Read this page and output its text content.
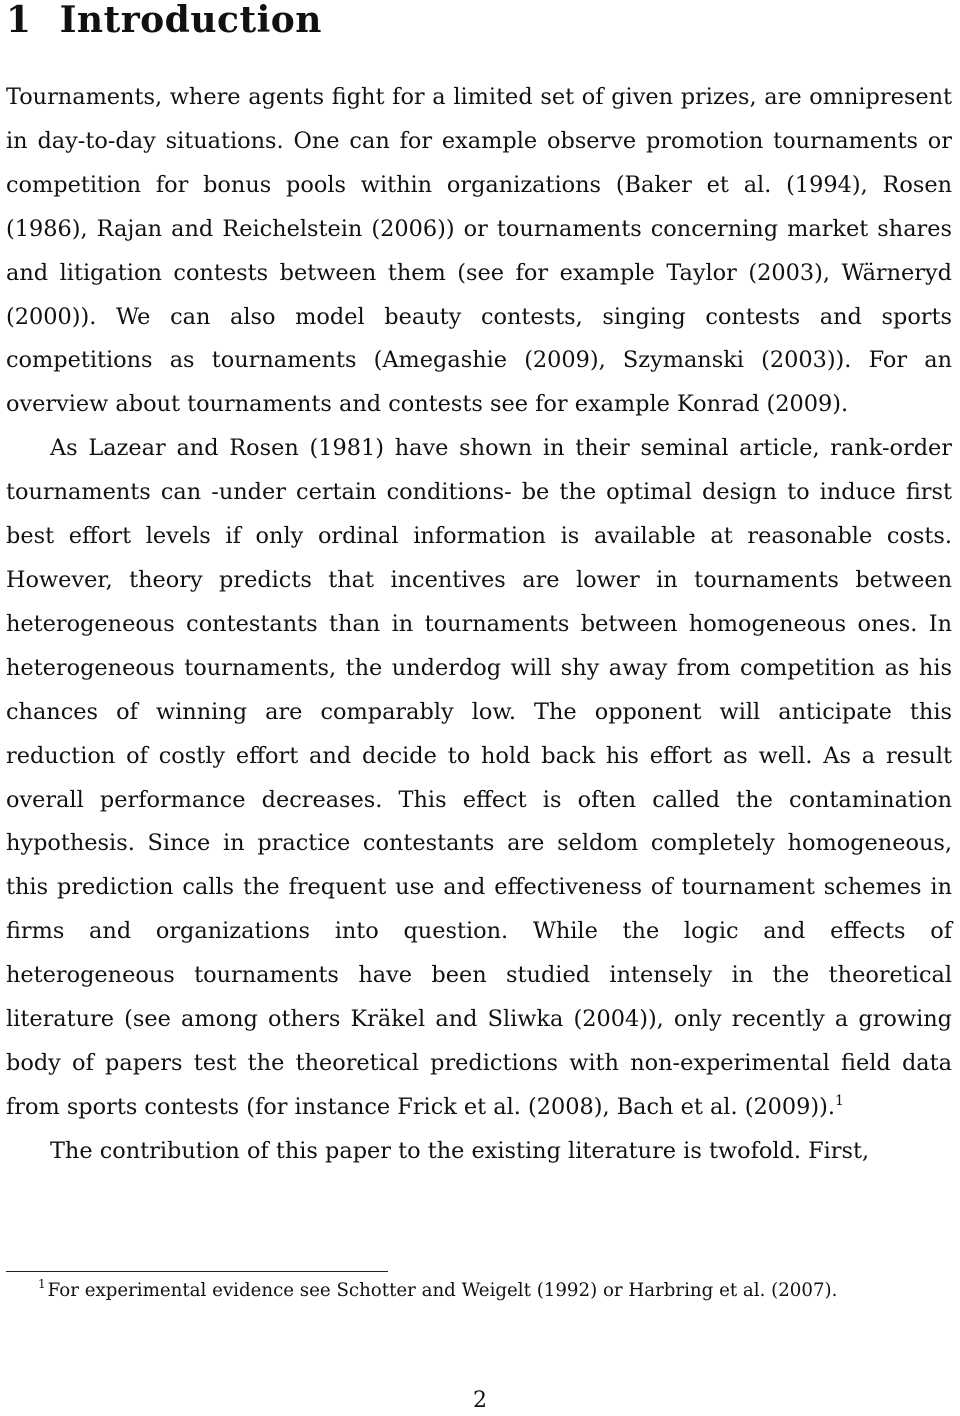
1 Introduction

Tournaments, where agents fight for a limited set of given prizes, are omnipresent in day-to-day situations. One can for example observe promotion tournaments or competition for bonus pools within organizations (Baker et al. (1994), Rosen (1986), Rajan and Reichelstein (2006)) or tournaments concerning market shares and litigation contests between them (see for example Taylor (2003), Wärneryd (2000)). We can also model beauty contests, singing contests and sports competitions as tournaments (Amegashie (2009), Szymanski (2003)). For an overview about tournaments and contests see for example Konrad (2009).

As Lazear and Rosen (1981) have shown in their seminal article, rank-order tournaments can -under certain conditions- be the optimal design to induce first best effort levels if only ordinal information is available at reasonable costs. However, theory predicts that incentives are lower in tournaments between heterogeneous contestants than in tournaments between homogeneous ones. In heterogeneous tournaments, the underdog will shy away from competition as his chances of winning are comparably low. The opponent will anticipate this reduction of costly effort and decide to hold back his effort as well. As a result overall performance decreases. This effect is often called the contamination hypothesis. Since in practice contestants are seldom completely homogeneous, this prediction calls the frequent use and effectiveness of tournament schemes in firms and organizations into question. While the logic and effects of heterogeneous tournaments have been studied intensely in the theoretical literature (see among others Kräkel and Sliwka (2004)), only recently a growing body of papers test the theoretical predictions with non-experimental field data from sports contests (for instance Frick et al. (2008), Bach et al. (2009)).$^1$

The contribution of this paper to the existing literature is twofold. First,

$^1$ For experimental evidence see Schotter and Weigelt (1992) or Harbring et al. (2007).

2
